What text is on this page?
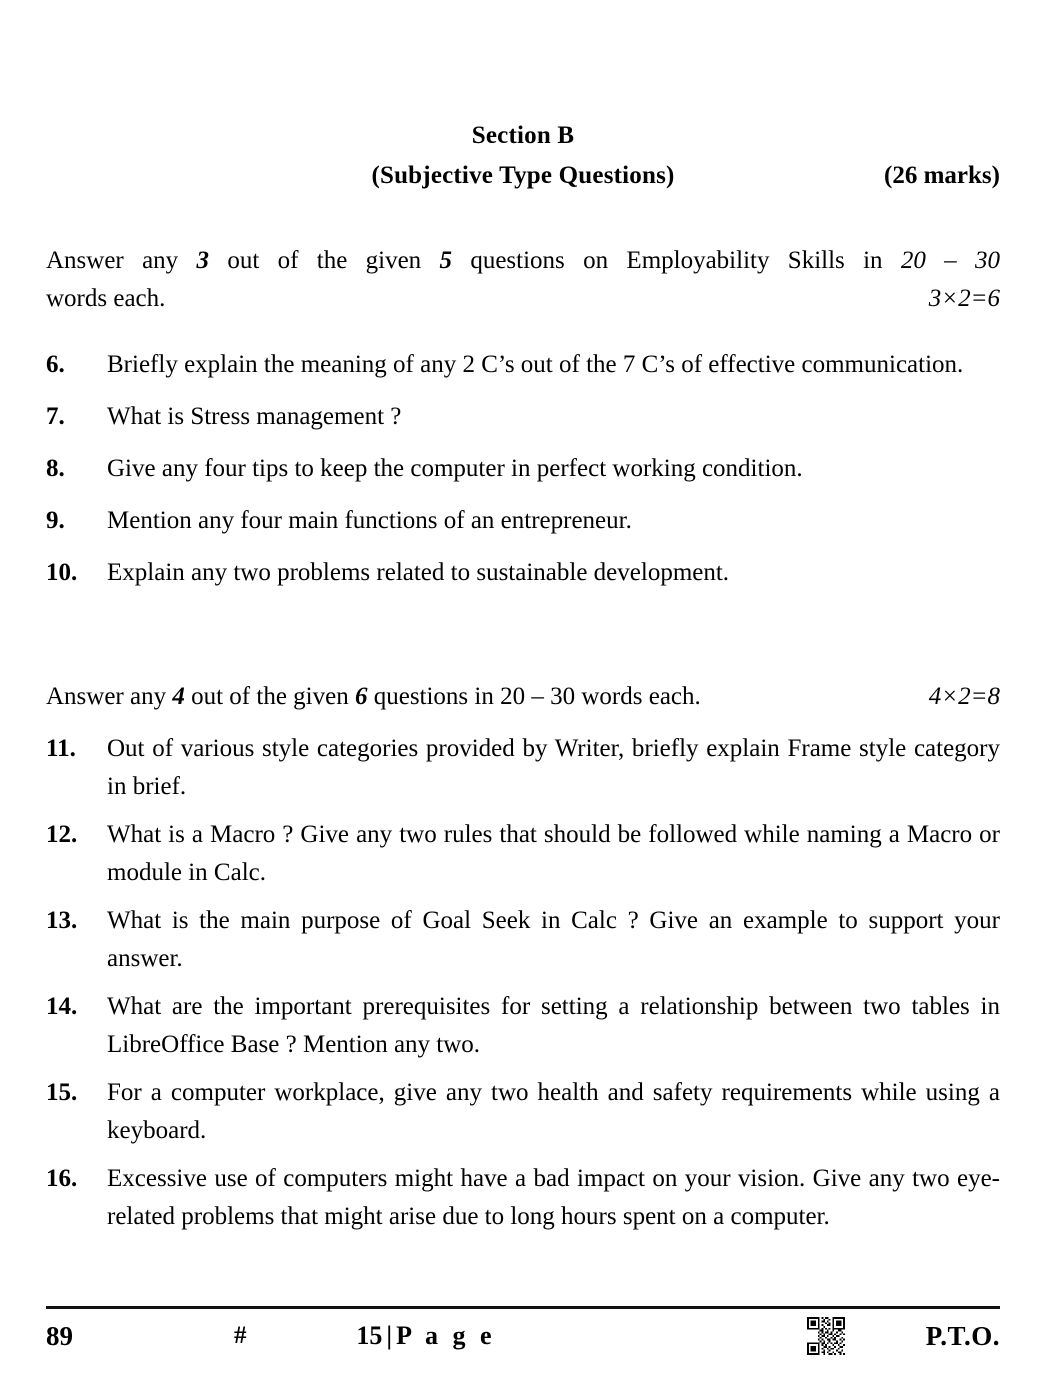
Section B
(Subjective Type Questions)	(26 marks)
Answer any 3 out of the given 5 questions on Employability Skills in 20 – 30
3×2=6
words each.
6. Briefly explain the meaning of any 2 C’s out of the 7 C’s of effective communication.
7. What is Stress management ?
8. Give any four tips to keep the computer in perfect working condition.
9. Mention any four main functions of an entrepreneur.
10. Explain any two problems related to sustainable development.
4×2=8
Answer any 4 out of the given 6 questions in 20 – 30 words each.
11. Out of various style categories provided by Writer, briefly explain Frame style category in brief.
12. What is a Macro ? Give any two rules that should be followed while naming a Macro or module in Calc.
13. What is the main purpose of Goal Seek in Calc ? Give an example to support your answer.
14. What are the important prerequisites for setting a relationship between two tables in LibreOffice Base ? Mention any two.
15. For a computer workplace, give any two health and safety requirements while using a keyboard.
16. Excessive use of computers might have a bad impact on your vision. Give any two eye-related problems that might arise due to long hours spent on a computer.
89	#	15 | P a g e	P.T.O.
